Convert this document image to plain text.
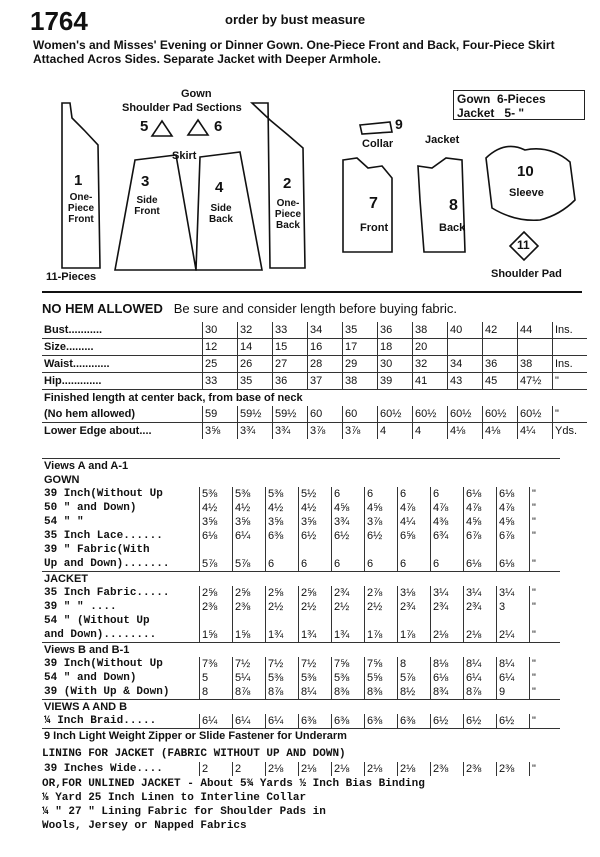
1764	order by bust measure
Women's and Misses' Evening or Dinner Gown. One-Piece Front and Back, Four-Piece Skirt Attached Acros Sides. Separate Jacket with Deeper Armhole.
Gown 6-Pieces
Jacket 5- "
Gown
Shoulder Pad Sections
5	6
Skirt
1
One-Piece Front
3
Side Front
4
Side Back
2
One-Piece Back
11-Pieces
9
Collar	Jacket
7
Front
8
Back
10
Sleeve
11
Shoulder Pad
NO HEM ALLOWED Be sure and consider length before buying fabric.
Bust...........	30	32	33	34	35	36	38	40	42	44	Ins.
Size.........	12	14	15	16	17	18	20				
Waist............	25	26	27	28	29	30	32	34	36	38	Ins.
Hip.............	33	35	36	37	38	39	41	43	45	47½	"
Finished length at center back, from base of neck											
(No hem allowed)	59	59½	59½	60	60	60½	60½	60½	60½	60½	"
Lower Edge about....	3⅝	3¾	3¾	3⅞	3⅞	4	4	4⅛	4⅛	4¼	Yds.
Views A and A-1											
GOWN											
39 Inch(Without Up	5⅜	5⅜	5⅜	5½	6	6	6	6	6⅛	6⅛	"
50 " and Down)	4½	4½	4½	4½	4⅝	4⅝	4⅞	4⅞	4⅞	4⅞	"
54 " "	3⅝	3⅝	3⅝	3⅝	3¾	3⅞	4¼	4⅜	4⅝	4⅝	"
35 Inch Lace......	6⅛	6¼	6⅜	6½	6½	6½	6⅝	6¾	6⅞	6⅞	"
39 " Fabric(With											
Up and Down).......	5⅞	5⅞	6	6	6	6	6	6	6⅛	6⅛	"
JACKET											
35 Inch Fabric.....	2⅝	2⅝	2⅝	2⅝	2¾	2⅞	3⅛	3¼	3¼	3¼	"
39 " " ....	2⅜	2⅜	2½	2½	2½	2½	2¾	2¾	2¾	3	"
54 " (Without Up											
and Down)........	1⅝	1⅝	1¾	1¾	1¾	1⅞	1⅞	2⅛	2⅛	2¼	"
Views B and B-1											
39 Inch(Without Up	7⅜	7½	7½	7½	7⅝	7⅝	8	8⅛	8¼	8¼	"
54 " and Down)	5	5¼	5⅜	5⅜	5⅜	5⅝	5⅞	6⅛	6¼	6¼	"
39 (With Up & Down)	8	8⅞	8⅞	8¼	8⅜	8⅜	8½	8¾	8⅞	9	"
VIEWS A AND B											
¼ Inch Braid.....	6¼	6¼	6¼	6⅜	6⅜	6⅜	6⅜	6½	6½	6½	"
9 Inch Light Weight Zipper or Slide Fastener for Underarm											
LINING FOR JACKET (FABRIC WITHOUT UP AND DOWN)
39 Inches Wide....	2	2	2⅛	2⅛	2⅛	2⅛	2⅛	2⅜	2⅜	2⅜	"
OR,FOR UNLINED JACKET - About 5¾ Yards ½ Inch Bias Binding
⅛ Yard 25 Inch Linen to Interline Collar
¼ " 27 " Lining Fabric for Shoulder Pads in
Wools, Jersey or Napped Fabrics
